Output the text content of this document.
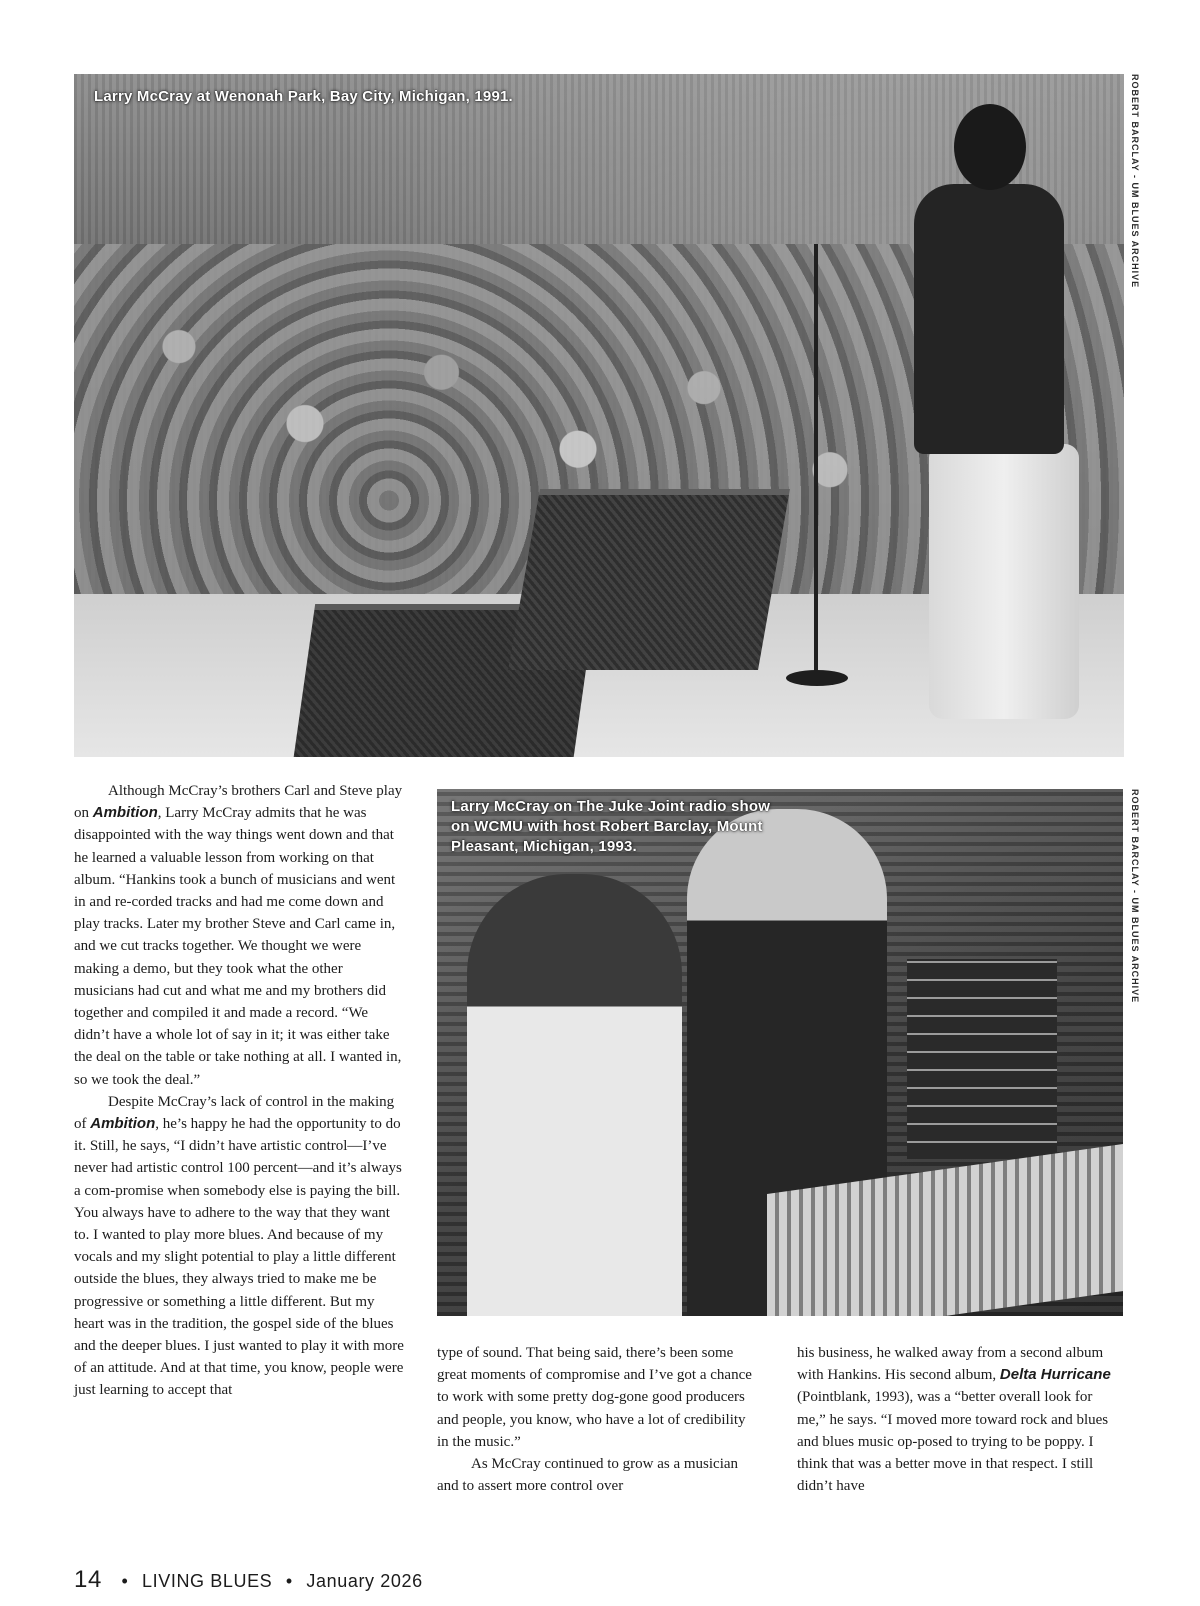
Larry McCray at Wenonah Park, Bay City, Michigan, 1991.	ROBERT BARCLAY - UM BLUES ARCHIVE
Larry McCray on The Juke Joint radio show on WCMU with host Robert Barclay, Mount Pleasant, Michigan, 1993.	ROBERT BARCLAY - UM BLUES ARCHIVE

Although McCray’s brothers Carl and Steve play on Ambition, Larry McCray admits that he was disappointed with the way things went down and that he learned a valuable lesson from working on that album. “Hankins took a bunch of musicians and went in and re-corded tracks and had me come down and play tracks. Later my brother Steve and Carl came in, and we cut tracks together. We thought we were making a demo, but they took what the other musicians had cut and what me and my brothers did together and compiled it and made a record. “We didn’t have a whole lot of say in it; it was either take the deal on the table or take nothing at all. I wanted in, so we took the deal.”

Despite McCray’s lack of control in the making of Ambition, he’s happy he had the opportunity to do it. Still, he says, “I didn’t have artistic control—I’ve never had artistic control 100 percent—and it’s always a com-promise when somebody else is paying the bill. You always have to adhere to the way that they want to. I wanted to play more blues. And because of my vocals and my slight potential to play a little different outside the blues, they always tried to make me be progressive or something a little different. But my heart was in the tradition, the gospel side of the blues and the deeper blues. I just wanted to play it with more of an attitude. And at that time, you know, people were just learning to accept that

type of sound. That being said, there’s been some great moments of compromise and I’ve got a chance to work with some pretty dog-gone good producers and people, you know, who have a lot of credibility in the music.”

As McCray continued to grow as a musician and to assert more control over

his business, he walked away from a second album with Hankins. His second album, Delta Hurricane (Pointblank, 1993), was a “better overall look for me,” he says. “I moved more toward rock and blues and blues music op-posed to trying to be poppy. I think that was a better move in that respect. I still didn’t have

14 • LIVING BLUES • January 2026
